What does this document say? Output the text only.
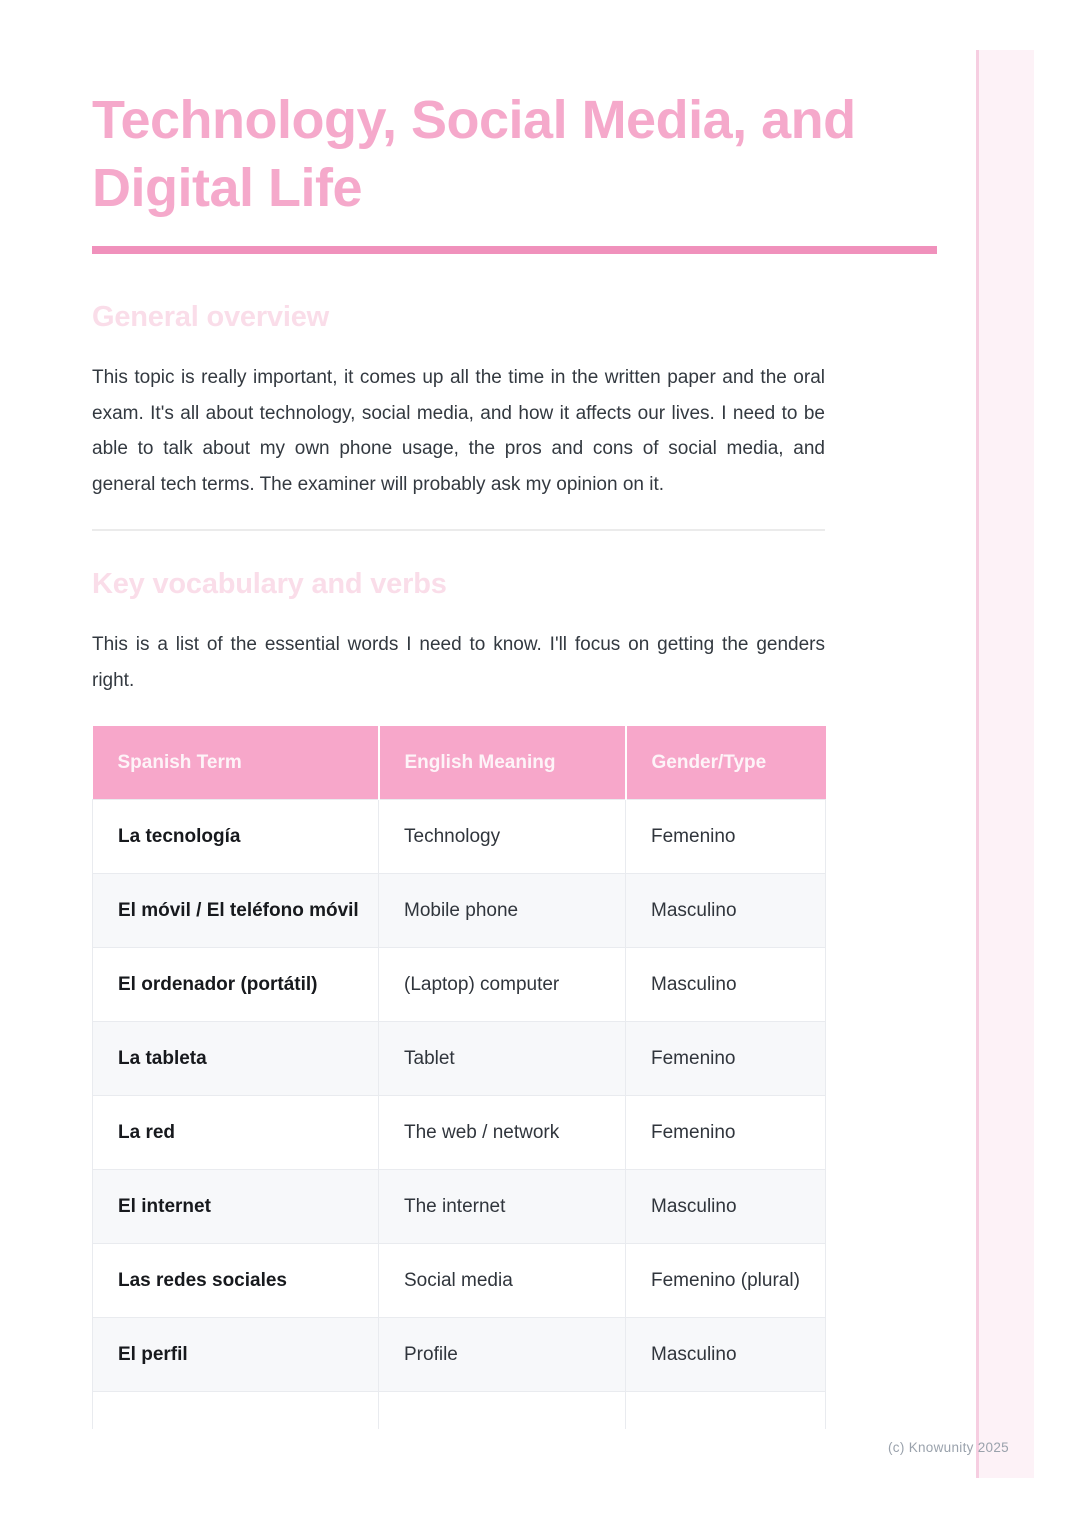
Technology, Social Media, and
Digital Life
General overview

This topic is really important, it comes up all the time in the written paper and the oral exam. It's all about technology, social media, and how it affects our lives. I need to be able to talk about my own phone usage, the pros and cons of social media, and general tech terms. The examiner will probably ask my opinion on it.

Key vocabulary and verbs

This is a list of the essential words I need to know. I'll focus on getting the genders right.

Spanish Term	English Meaning	Gender/Type
La tecnología	Technology	Femenino
El móvil / El teléfono móvil	Mobile phone	Masculino
El ordenador (portátil)	(Laptop) computer	Masculino
La tableta	Tablet	Femenino
La red	The web / network	Femenino
El internet	The internet	Masculino
Las redes sociales	Social media	Femenino (plural)
El perfil	Profile	Masculino

(c) Knowunity 2025
